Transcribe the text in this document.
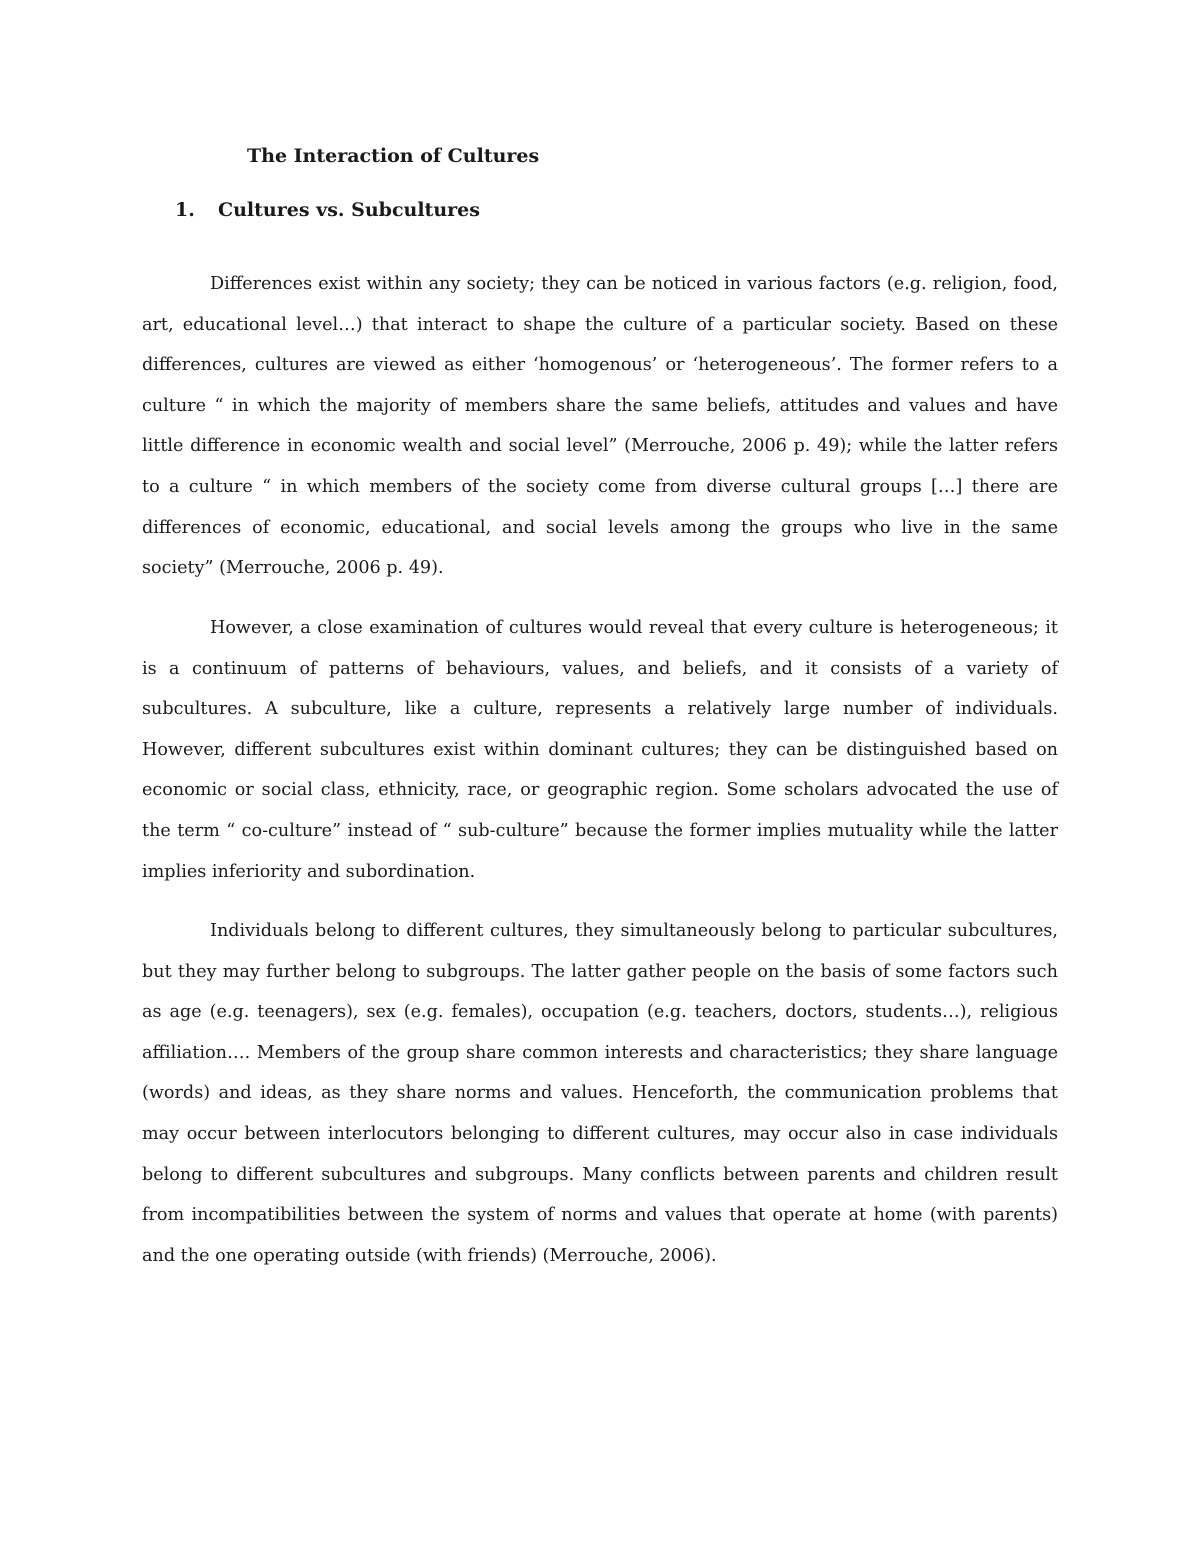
The Interaction of Cultures
1. Cultures vs. Subcultures

Differences exist within any society; they can be noticed in various factors (e.g. religion, food, art, educational level…) that interact to shape the culture of a particular society. Based on these differences, cultures are viewed as either ‘homogenous’ or ‘heterogeneous’. The former refers to a culture “ in which the majority of members share the same beliefs, attitudes and values and have little difference in economic wealth and social level” (Merrouche, 2006 p. 49); while the latter refers to a culture “ in which members of the society come from diverse cultural groups […] there are differences of economic, educational, and social levels among the groups who live in the same society” (Merrouche, 2006 p. 49).

However, a close examination of cultures would reveal that every culture is heterogeneous; it is a continuum of patterns of behaviours, values, and beliefs, and it consists of a variety of subcultures. A subculture, like a culture, represents a relatively large number of individuals. However, different subcultures exist within dominant cultures; they can be distinguished based on economic or social class, ethnicity, race, or geographic region. Some scholars advocated the use of the term “ co-culture” instead of “ sub-culture” because the former implies mutuality while the latter implies inferiority and subordination.

Individuals belong to different cultures, they simultaneously belong to particular subcultures, but they may further belong to subgroups. The latter gather people on the basis of some factors such as age (e.g. teenagers), sex (e.g. females), occupation (e.g. teachers, doctors, students…), religious affiliation…. Members of the group share common interests and characteristics; they share language (words) and ideas, as they share norms and values. Henceforth, the communication problems that may occur between interlocutors belonging to different cultures, may occur also in case individuals belong to different subcultures and subgroups. Many conflicts between parents and children result from incompatibilities between the system of norms and values that operate at home (with parents) and the one operating outside (with friends) (Merrouche, 2006).
